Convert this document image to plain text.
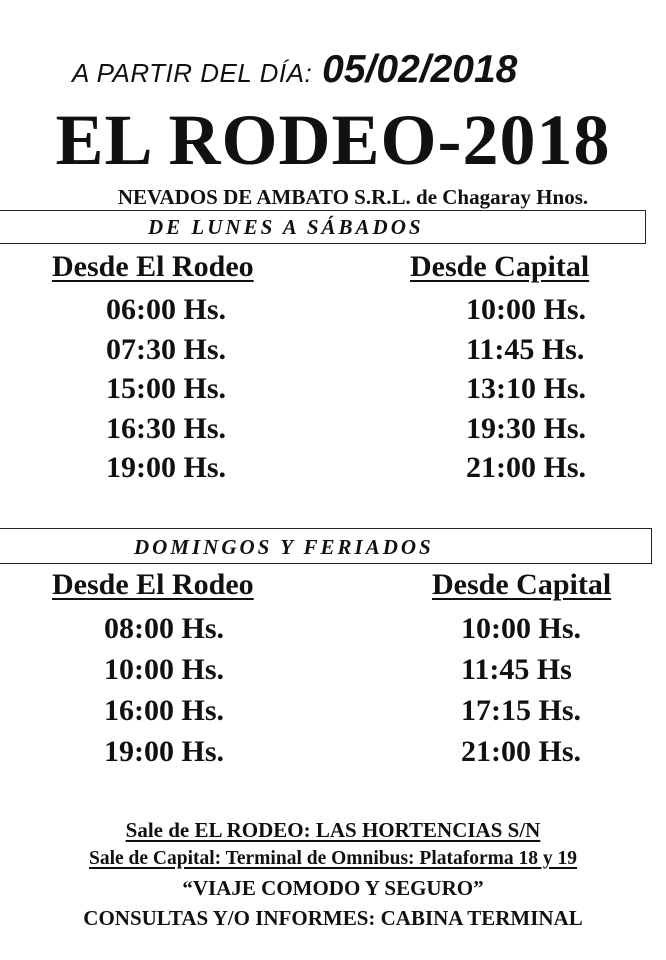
A PARTIR DEL DÍA: 05/02/2018
EL RODEO-2018
NEVADOS DE AMBATO S.R.L. de Chagaray Hnos.
DE LUNES A SÁBADOS
Desde El Rodeo
06:00 Hs.
07:30 Hs.
15:00 Hs.
16:30 Hs.
19:00 Hs.
Desde Capital
10:00 Hs.
11:45 Hs.
13:10 Hs.
19:30 Hs.
21:00 Hs.
DOMINGOS Y FERIADOS
Desde El Rodeo
08:00 Hs.
10:00 Hs.
16:00 Hs.
19:00 Hs.
Desde Capital
10:00 Hs.
11:45 Hs
17:15 Hs.
21:00 Hs.
Sale de EL RODEO: LAS HORTENCIAS S/N
Sale de Capital: Terminal de Omnibus: Plataforma 18 y 19
“VIAJE COMODO Y SEGURO”
CONSULTAS Y/O INFORMES: CABINA TERMINAL
